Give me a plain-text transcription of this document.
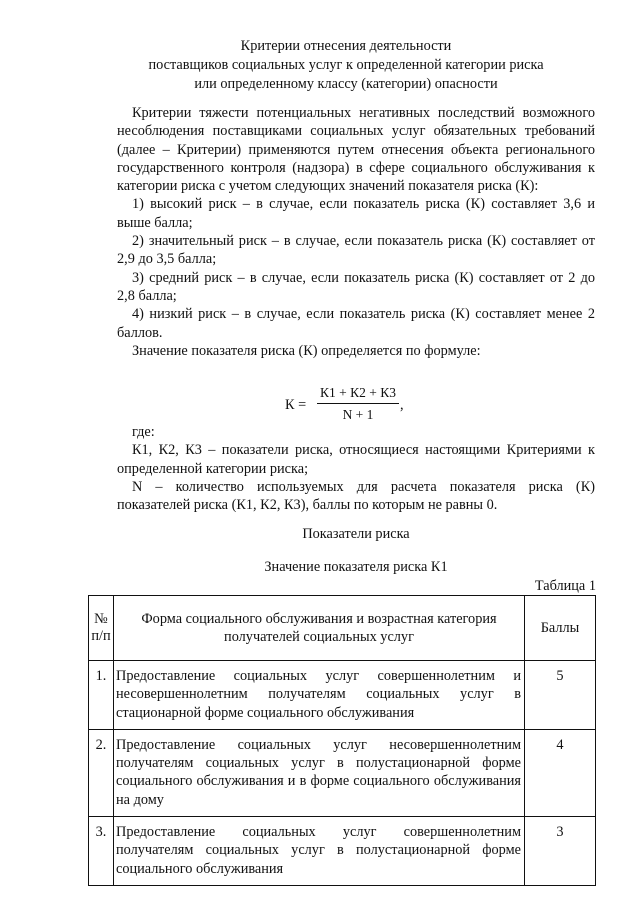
Критерии отнесения деятельности
поставщиков социальных услуг к определенной категории риска
или определенному классу (категории) опасности

Критерии тяжести потенциальных негативных последствий возможного несоблюдения поставщиками социальных услуг обязательных требований (далее – Критерии) применяются путем отнесения объекта регионального государственного контроля (надзора) в сфере социального обслуживания к категории риска с учетом следующих значений показателя риска (К):

1) высокий риск – в случае, если показатель риска (К) составляет 3,6 и выше балла;

2) значительный риск – в случае, если показатель риска (К) составляет от 2,9 до 3,5 балла;

3) средний риск – в случае, если показатель риска (К) составляет от 2 до 2,8 балла;

4) низкий риск – в случае, если показатель риска (К) составляет менее 2 баллов.

Значение показателя риска (К) определяется по формуле:

К =
К1 + К2 + К3
N + 1
,

где:

К1, К2, К3 – показатели риска, относящиеся настоящими Критериями к определенной категории риска;

N – количество используемых для расчета показателя риска (К) показателей риска (К1, К2, К3), баллы по которым не равны 0.

Показатели риска
Значение показателя риска К1
Таблица 1
№ п/п	Форма социального обслуживания и возрастная категория получателей социальных услуг	Баллы
1.	Предоставление социальных услуг совершеннолетним и несовершеннолетним получателям социальных услуг в стационарной форме социального обслуживания	5
2.	Предоставление социальных услуг несовершеннолетним получателям социальных услуг в полустационарной форме социального обслуживания и в форме социального обслуживания на дому	4
3.	Предоставление социальных услуг совершеннолетним получателям социальных услуг в полустационарной форме социального обслуживания	3
